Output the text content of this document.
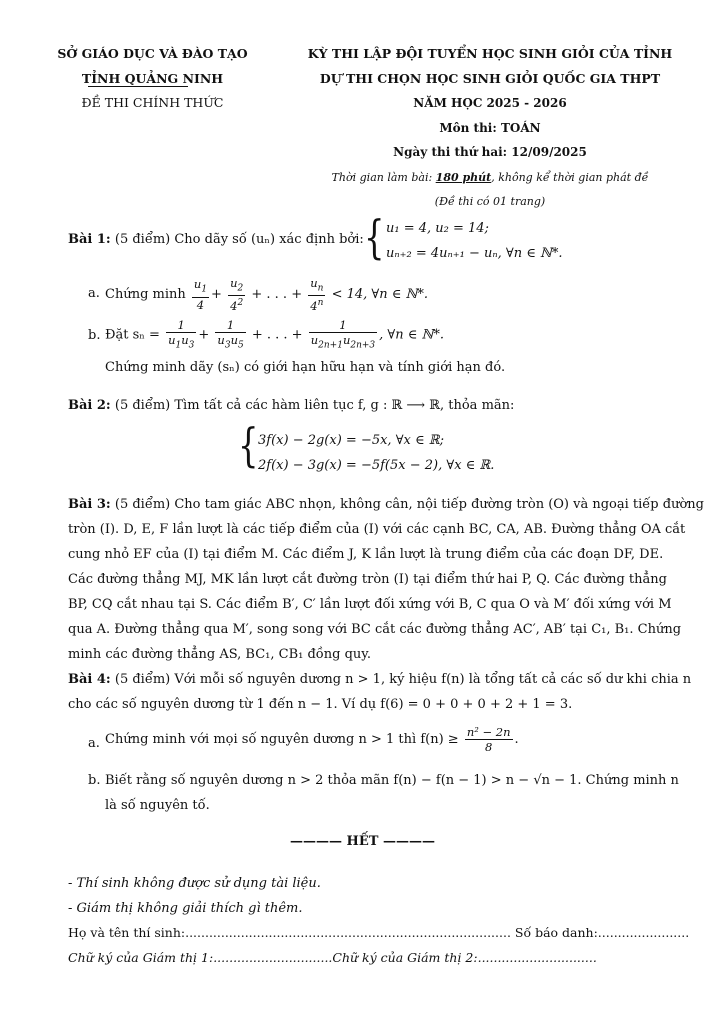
SỞ GIÁO DỤC VÀ ĐÀO TẠO
TỈNH QUẢNG NINH
ĐỀ THI CHÍNH THỨC
KỲ THI LẬP ĐỘI TUYỂN HỌC SINH GIỎI CỦA TỈNH
DỰ THI CHỌN HỌC SINH GIỎI QUỐC GIA THPT
NĂM HỌC 2025 - 2026
Môn thi: TOÁN
Ngày thi thứ hai: 12/09/2025
Thời gian làm bài: 180 phút, không kể thời gian phát đề
(Đề thi có 01 trang)
Bài 1: (5 điểm) Cho dãy số (uₙ) xác định bởi: { u₁ = 4, u₂ = 14;
uₙ₊₂ = 4uₙ₊₁ − uₙ, ∀n ∈ ℕ*.
a. Chứng minh $\frac{u_1}{4} + \frac{u_2}{4^2}$ + . . . + $\frac{u_n}{4^n} < 14$, ∀n ∈ ℕ*.
b. Đặt $s_n = \frac{1}{u_1u_3} + \frac{1}{u_3u_5}$ + . . . + $\frac{1}{u_{2n+1}u_{2n+3}}$ , ∀n ∈ ℕ*.
Chứng minh dãy (sₙ) có giới hạn hữu hạn và tính giới hạn đó.
Bài 2: (5 điểm) Tìm tất cả các hàm liên tục f, g : ℝ ⟶ ℝ, thỏa mãn:
{ 3f(x) − 2g(x) = −5x, ∀x ∈ ℝ;
2f(x) − 3g(x) = −5f(5x − 2), ∀x ∈ ℝ.
Bài 3: (5 điểm) Cho tam giác ABC nhọn, không cân, nội tiếp đường tròn (O) và ngoại tiếp đường
tròn (I). D, E, F lần lượt là các tiếp điểm của (I) với các cạnh BC, CA, AB. Đường thẳng OA cắt
cung nhỏ EF của (I) tại điểm M. Các điểm J, K lần lượt là trung điểm của các đoạn DF, DE.
Các đường thẳng MJ, MK lần lượt cắt đường tròn (I) tại điểm thứ hai P, Q. Các đường thẳng
BP, CQ cắt nhau tại S. Các điểm B′, C′ lần lượt đối xứng với B, C qua O và M′ đối xứng với M
qua A. Đường thẳng qua M′, song song với BC cắt các đường thẳng AC′, AB′ tại C₁, B₁. Chứng
minh các đường thẳng AS, BC₁, CB₁ đồng quy.
Bài 4: (5 điểm) Với mỗi số nguyên dương n > 1, ký hiệu f(n) là tổng tất cả các số dư khi chia n
cho các số nguyên dương từ 1 đến n − 1. Ví dụ f(6) = 0 + 0 + 0 + 2 + 1 = 3.
a. Chứng minh với mọi số nguyên dương n > 1 thì $f(n) \ge \frac{\text{n² − 2n}}{8}$ .
b. Biết rằng số nguyên dương n > 2 thỏa mãn f(n) − f(n − 1) > n − √n − 1. Chứng minh n
là số nguyên tố.
———— HẾT ————
- Thí sinh không được sử dụng tài liệu.
- Giám thị không giải thích gì thêm.
Họ và tên thí sinh:.................................................................................. Số báo danh:.......................
Chữ ký của Giám thị 1:..............................Chữ ký của Giám thị 2:..............................
